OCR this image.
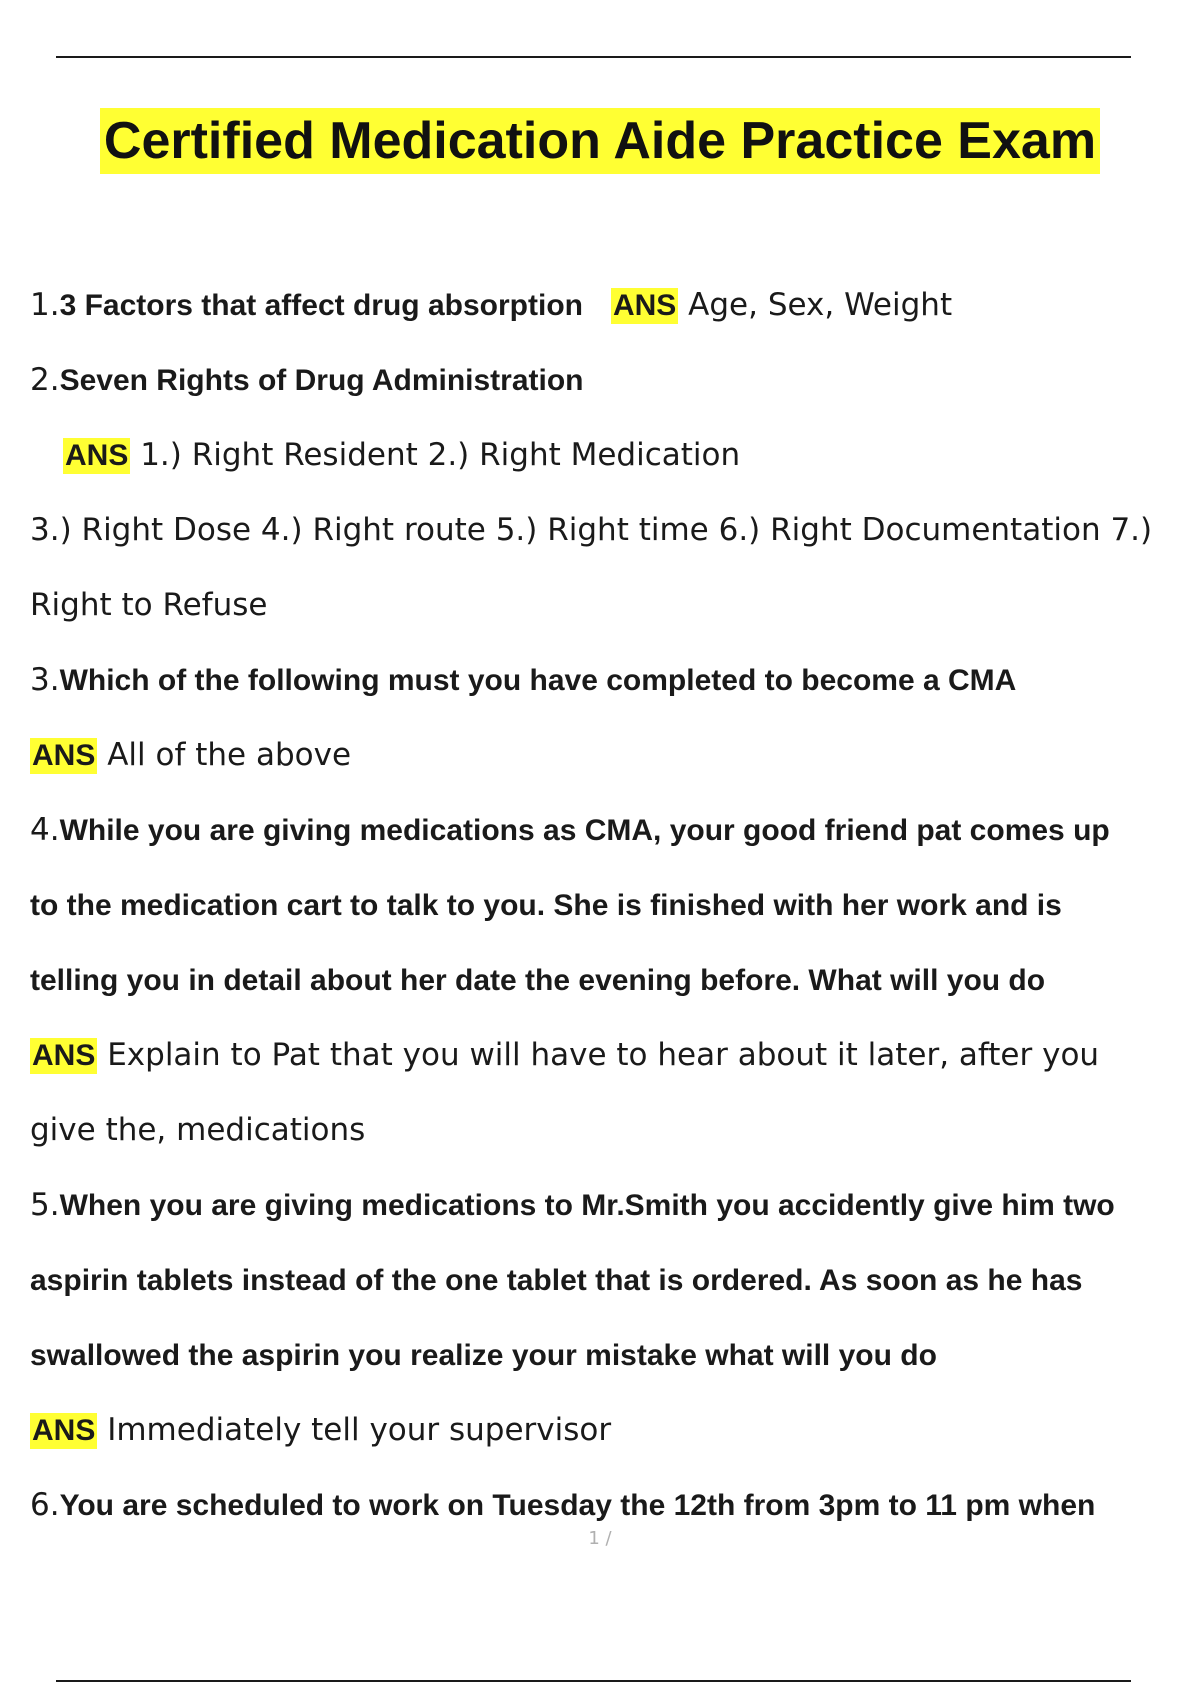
Certified Medication Aide Practice Exam
1.3 Factors that affect drug absorption ANS Age, Sex, Weight
2.Seven Rights of Drug Administration
ANS 1.) Right Resident 2.) Right Medication
3.) Right Dose 4.) Right route 5.) Right time 6.) Right Documentation 7.)
Right to Refuse
3.Which of the following must you have completed to become a CMA
ANS All of the above
4.While you are giving medications as CMA, your good friend pat comes up
to the medication cart to talk to you. She is finished with her work and is
telling you in detail about her date the evening before. What will you do
ANS Explain to Pat that you will have to hear about it later, after you
give the, medications
5.When you are giving medications to Mr.Smith you accidently give him two
aspirin tablets instead of the one tablet that is ordered. As soon as he has
swallowed the aspirin you realize your mistake what will you do
ANS Immediately tell your supervisor
6.You are scheduled to work on Tuesday the 12th from 3pm to 11 pm when
1 /
